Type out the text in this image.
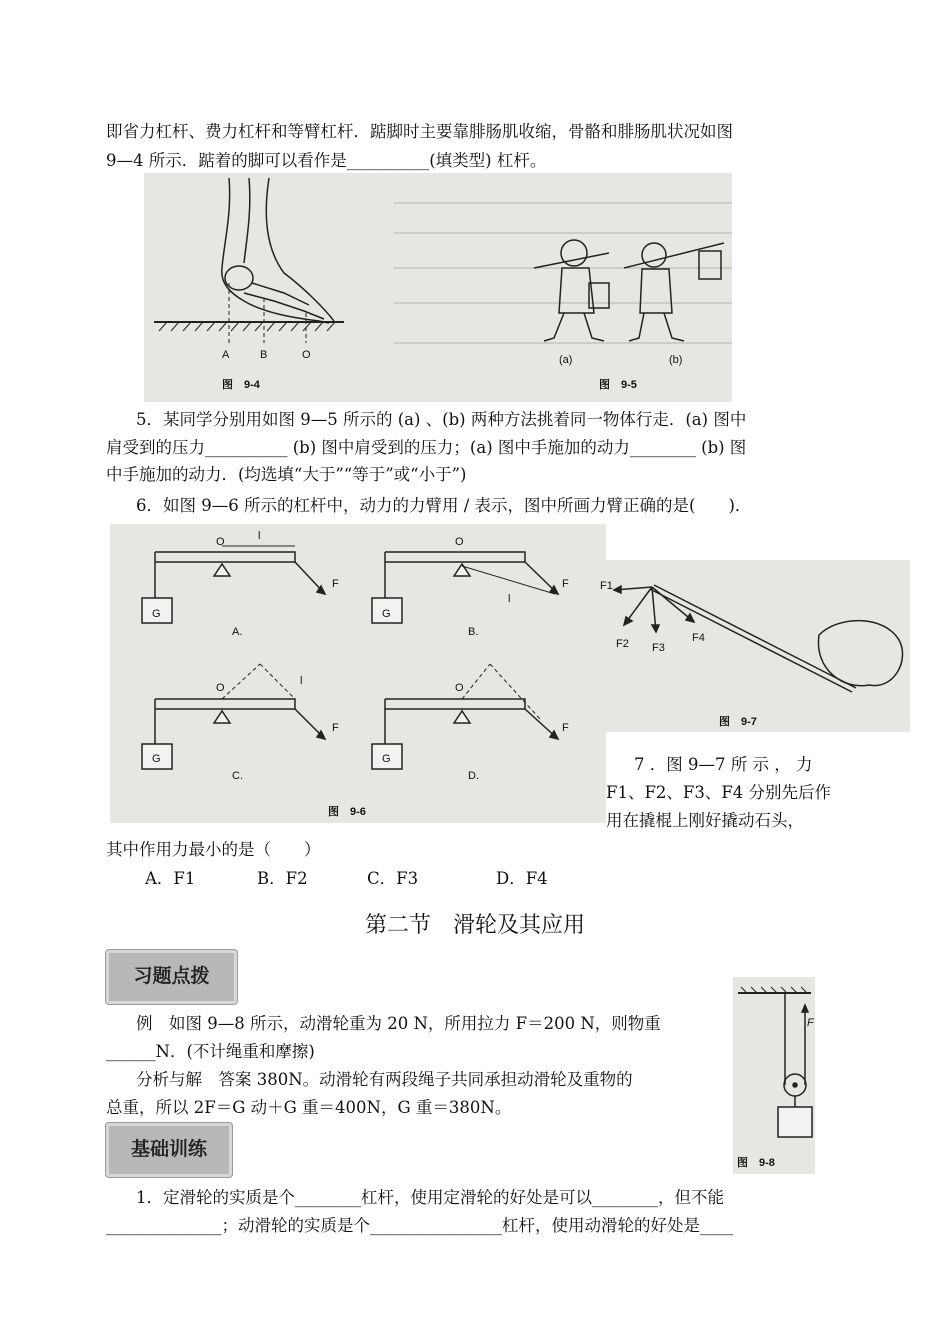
即省力杠杆、费力杠杆和等臂杠杆．踮脚时主要靠腓肠肌收缩，骨骼和腓肠肌状况如图
9—4 所示．踮着的脚可以看作是__________(填类型) 杠杆。
A	B	O
图　9-4
(a)	(b)
图　9-5
5．某同学分别用如图 9—5 所示的 (a) 、(b) 两种方法挑着同一物体行走．(a) 图中
肩受到的压力__________ (b) 图中肩受到的压力；(a) 图中手施加的动力________ (b) 图
中手施加的动力．(均选填“大于”“等于”或“小于”)
6．如图 9—6 所示的杠杆中，动力的力臂用 / 表示，图中所画力臂正确的是(　　)．
G	G
G	G
O	l
F
O
l
F
O
l
F
O
F
A.	B.
C.	D.
图　9-6
F1
F2 F3
F4
图　9-7
7 ．图 9—7 所 示 ， 力
F1、F2、F3、F4 分别先后作
用在撬棍上刚好撬动石头，
其中作用力最小的是（　　）
A．F1	B．F2	C．F3	D．F4
第二节　滑轮及其应用
习题点拨
例　如图 9—8 所示，动滑轮重为 20 N，所用拉力 F＝200 N，则物重
______N．(不计绳重和摩擦)
分析与解　答案 380N。动滑轮有两段绳子共同承担动滑轮及重物的
总重，所以 2F＝G 动＋G 重＝400N，G 重＝380N。
F
图　9-8
基础训练
1．定滑轮的实质是个________杠杆，使用定滑轮的好处是可以________，但不能
______________；动滑轮的实质是个________________杠杆，使用动滑轮的好处是____
